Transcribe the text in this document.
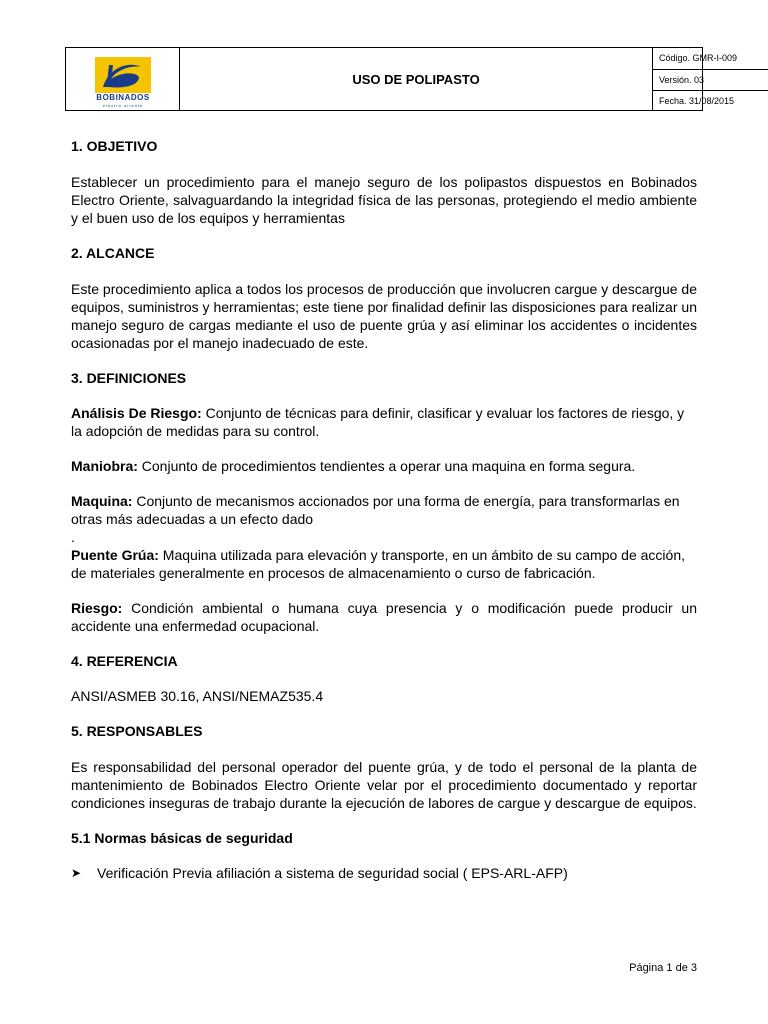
BOBINADOS
electro oriente
USO DE POLIPASTO
Código. GMR-I-009
Versión. 03
Fecha. 31/08/2015

1. OBJETIVO

Establecer un procedimiento para el manejo seguro de los polipastos dispuestos en Bobinados Electro Oriente, salvaguardando la integridad física de las personas, protegiendo el medio ambiente y el buen uso de los equipos y herramientas

2. ALCANCE

Este procedimiento aplica a todos los procesos de producción que involucren cargue y descargue de equipos, suministros y herramientas; este tiene por finalidad definir las disposiciones para realizar un manejo seguro de cargas mediante el uso de puente grúa y así eliminar los accidentes o incidentes ocasionadas por el manejo inadecuado de este.

3. DEFINICIONES

Análisis De Riesgo: Conjunto de técnicas para definir, clasificar y evaluar los factores de riesgo, y la adopción de medidas para su control.

Maniobra: Conjunto de procedimientos tendientes a operar una maquina en forma segura.

Maquina: Conjunto de mecanismos accionados por una forma de energía, para transformarlas en otras más adecuadas a un efecto dado

.

Puente Grúa: Maquina utilizada para elevación y transporte, en un ámbito de su campo de acción, de materiales generalmente en procesos de almacenamiento o curso de fabricación.

Riesgo: Condición ambiental o humana cuya presencia y o modificación puede producir un accidente una enfermedad ocupacional.

4. REFERENCIA

ANSI/ASMEB 30.16, ANSI/NEMAZ535.4

5. RESPONSABLES

Es responsabilidad del personal operador del puente grúa, y de todo el personal de la planta de mantenimiento de Bobinados Electro Oriente velar por el procedimiento documentado y reportar condiciones inseguras de trabajo durante la ejecución de labores de cargue y descargue de equipos.

5.1 Normas básicas de seguridad

➤	Verificación Previa afiliación a sistema de seguridad social ( EPS-ARL-AFP)
Página 1 de 3
